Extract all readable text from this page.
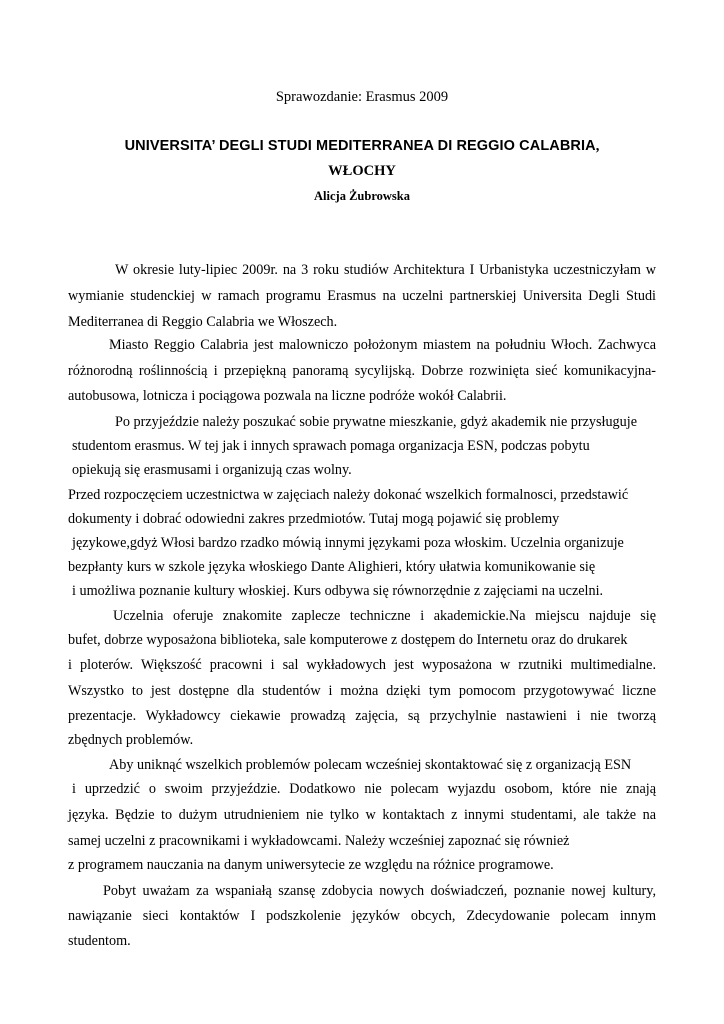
Sprawozdanie: Erasmus 2009
UNIVERSITA’ DEGLI STUDI MEDITERRANEA DI REGGIO CALABRIA,
WŁOCHY
Alicja Żubrowska
W okresie luty-lipiec 2009r. na 3 roku studiów Architektura I Urbanistyka uczestniczyłam w
wymianie studenckiej w ramach programu Erasmus na uczelni partnerskiej Universita Degli Studi
Mediterranea di Reggio Calabria we Włoszech.
Miasto Reggio Calabria jest malowniczo położonym miastem na południu Włoch. Zachwyca
różnorodną roślinnością i przepiękną panoramą sycylijską. Dobrze rozwinięta sieć komunikacyjna-
autobusowa, lotnicza i pociągowa pozwala na liczne podróże wokół Calabrii.
Po przyjeździe należy poszukać sobie prywatne mieszkanie, gdyż akademik nie przysługuje
studentom erasmus. W tej jak i innych sprawach pomaga organizacja ESN, podczas pobytu
opiekują się erasmusami i organizują czas wolny.
Przed rozpoczęciem uczestnictwa w zajęciach należy dokonać wszelkich formalnosci, przedstawić
dokumenty i dobrać odowiedni zakres przedmiotów. Tutaj mogą pojawić się problemy
językowe,gdyż Włosi bardzo rzadko mówią innymi językami poza włoskim. Uczelnia organizuje
bezpłanty kurs w szkole języka włoskiego Dante Alighieri, który ułatwia komunikowanie się
i umożliwa poznanie kultury włoskiej. Kurs odbywa się równorzędnie z zajęciami na uczelni.
Uczelnia oferuje znakomite zaplecze techniczne i akademickie.Na miejscu najduje się
bufet, dobrze wyposażona biblioteka, sale komputerowe z dostępem do Internetu oraz do drukarek
i ploterów. Większość pracowni i sal wykładowych jest wyposażona w rzutniki multimedialne.
Wszystko to jest dostępne dla studentów i można dzięki tym pomocom przygotowywać liczne
prezentacje. Wykładowcy ciekawie prowadzą zajęcia, są przychylnie nastawieni i nie tworzą
zbędnych problemów.
Aby uniknąć wszelkich problemów polecam wcześniej skontaktować się z organizacją ESN
i uprzedzić o swoim przyjeździe. Dodatkowo nie polecam wyjazdu osobom, które nie znają
języka. Będzie to dużym utrudnieniem nie tylko w kontaktach z innymi studentami, ale także na
samej uczelni z pracownikami i wykładowcami. Należy wcześniej zapoznać się również
z programem nauczania na danym uniwersytecie ze względu na różnice programowe.
Pobyt uważam za wspaniałą szansę zdobycia nowych doświadczeń, poznanie nowej kultury,
nawiązanie sieci kontaktów I podszkolenie języków obcych, Zdecydowanie polecam innym
studentom.
